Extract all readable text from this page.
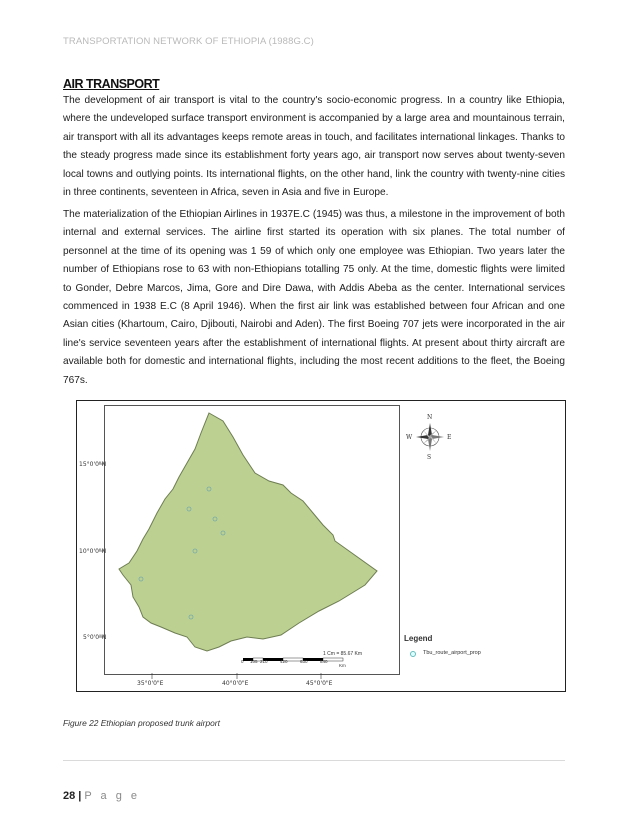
TRANSPORTATION NETWORK OF ETHIOPIA (1988G.C)
AIR TRANSPORT
The development of air transport is vital to the country's socio-economic progress. In a country like Ethiopia, where the undeveloped surface transport environment is accompanied by a large area and mountainous terrain, air transport with all its advantages keeps remote areas in touch, and facilitates international linkages. Thanks to the steady progress made since its establishment forty years ago, air transport now serves about twenty-seven local towns and outlying points. Its international flights, on the other hand, link the country with twenty-nine cities in three continents, seventeen in Africa, seven in Asia and five in Europe.
The materialization of the Ethiopian Airlines in 1937E.C (1945) was thus, a milestone in the improvement of both internal and external services. The airline first started its operation with six planes. The total number of personnel at the time of its opening was 1 59 of which only one employee was Ethiopian. Two years later the number of Ethiopians rose to 63 with non-Ethiopians totalling 75 only. At the time, domestic flights were limited to Gonder, Debre Marcos, Jima, Gore and Dire Dawa, with Addis Abeba as the center. International services commenced in 1938 E.C (8 April 1946). When the first air link was established between four African and one Asian cities (Khartoum, Cairo, Djibouti, Nairobi and Aden). The first Boeing 707 jets were incorporated in the air line's service seventeen years after the establishment of international flights. At present about thirty aircraft are available both for domestic and international flights, including the most recent additions to the fleet, the Boeing 767s.
15°0'0"N
10°0'0"N
5°0'0"N
35°0'0"E	40°0'0"E	45°0'0"E
1 Cm = 85.67 Km
0 105 210	420	630	840
Km
N
S
E
W
Legend
Tbu_route_airport_prop
Figure 22 Ethiopian proposed trunk airport
28 | P a g e
